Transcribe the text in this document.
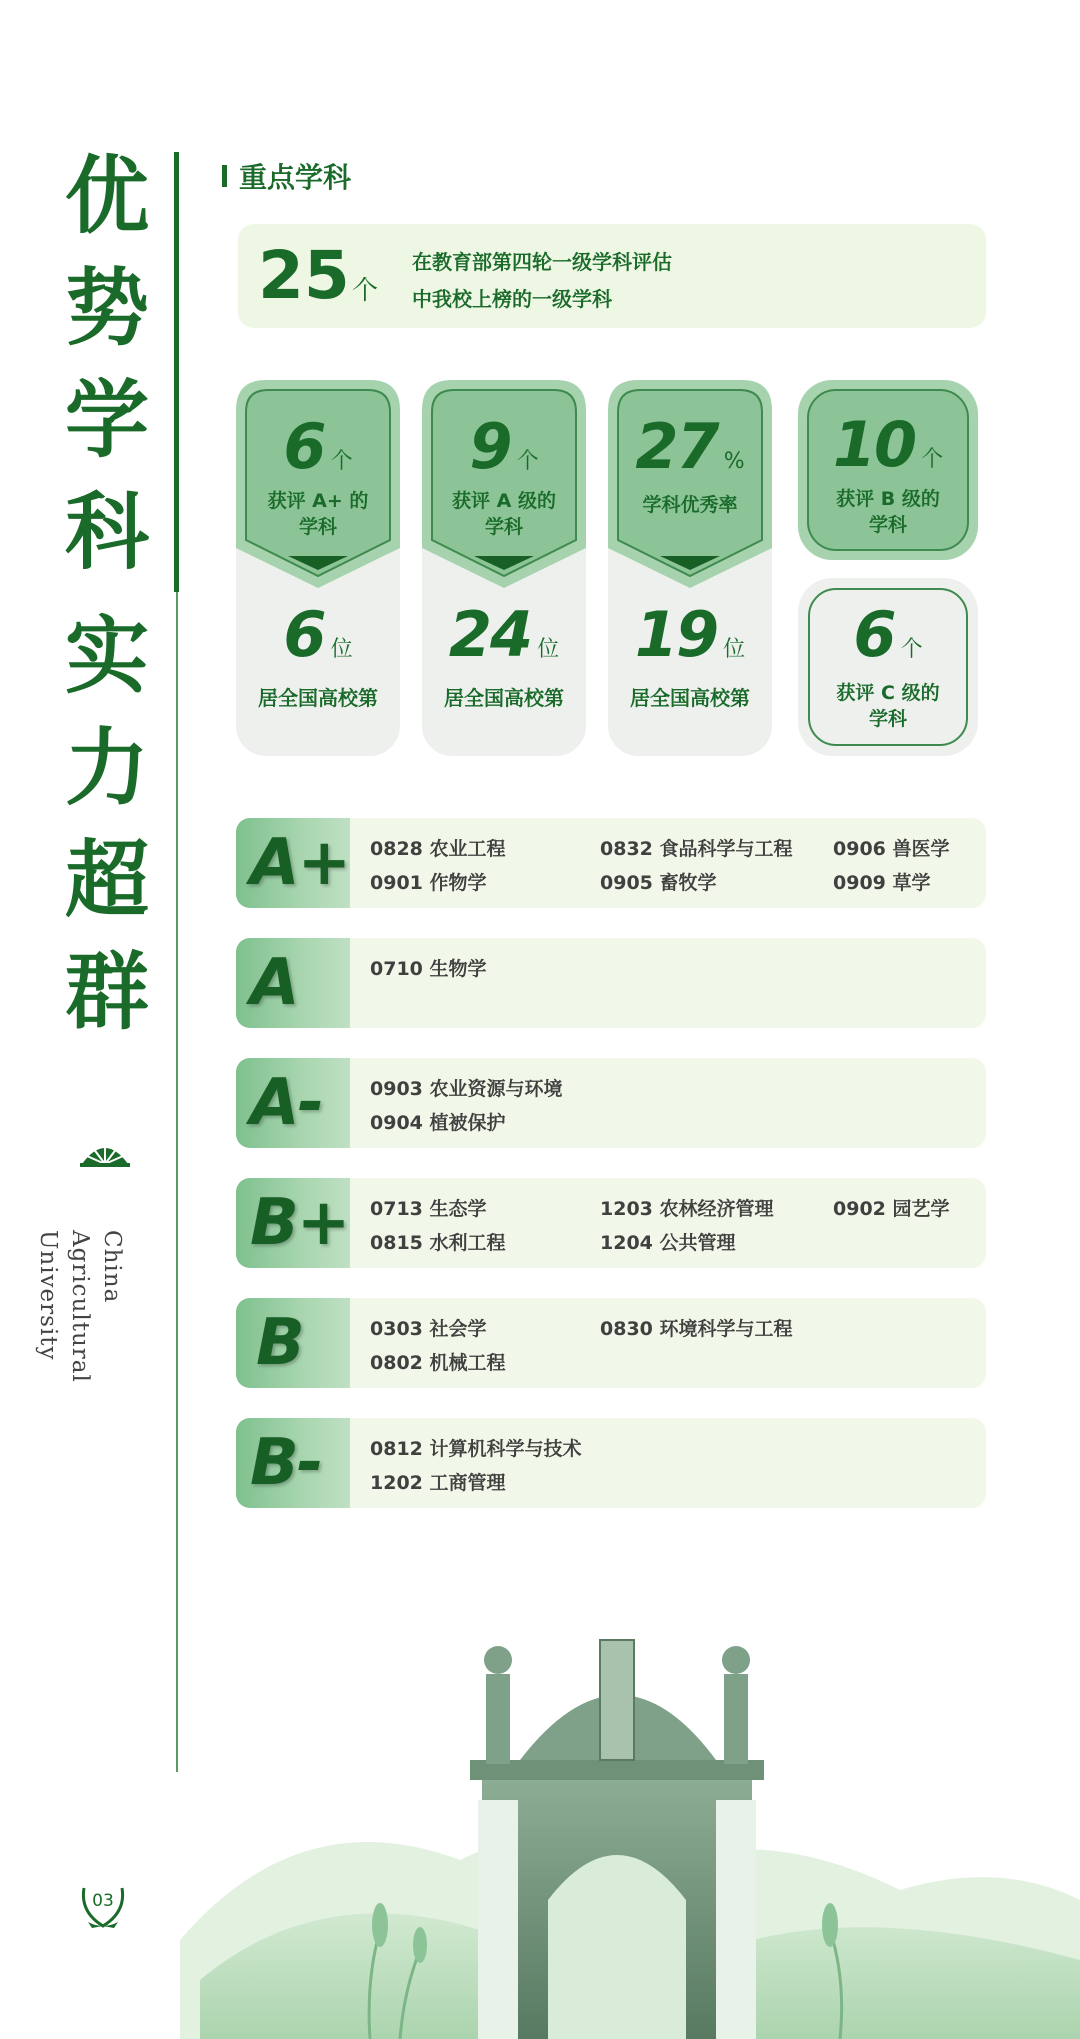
优
势
学
科
实
力
超
群
China Agricultural University
03
重点学科
25 个
在教育部第四轮一级学科评估
中我校上榜的一级学科
6 个
获评 A+ 的
学科
6 位
居全国高校第
9 个
获评 A 级的
学科
24 位
居全国高校第
27 %
学科优秀率
19 位
居全国高校第
10 个
获评 B 级的
学科
6 个
获评 C 级的
学科
A+ 0828 农业工程	0832 食品科学与工程 0906 兽医学
0901 作物学	0905 畜牧学	0909 草学
A	0710 生物学
A-	0903 农业资源与环境
0904 植被保护
B+ 0713 生态学	1203 农林经济管理	0902 园艺学
0815 水利工程	1204 公共管理
B	0303 社会学	0830 环境科学与工程
0802 机械工程
B-	0812 计算机科学与技术
1202 工商管理
